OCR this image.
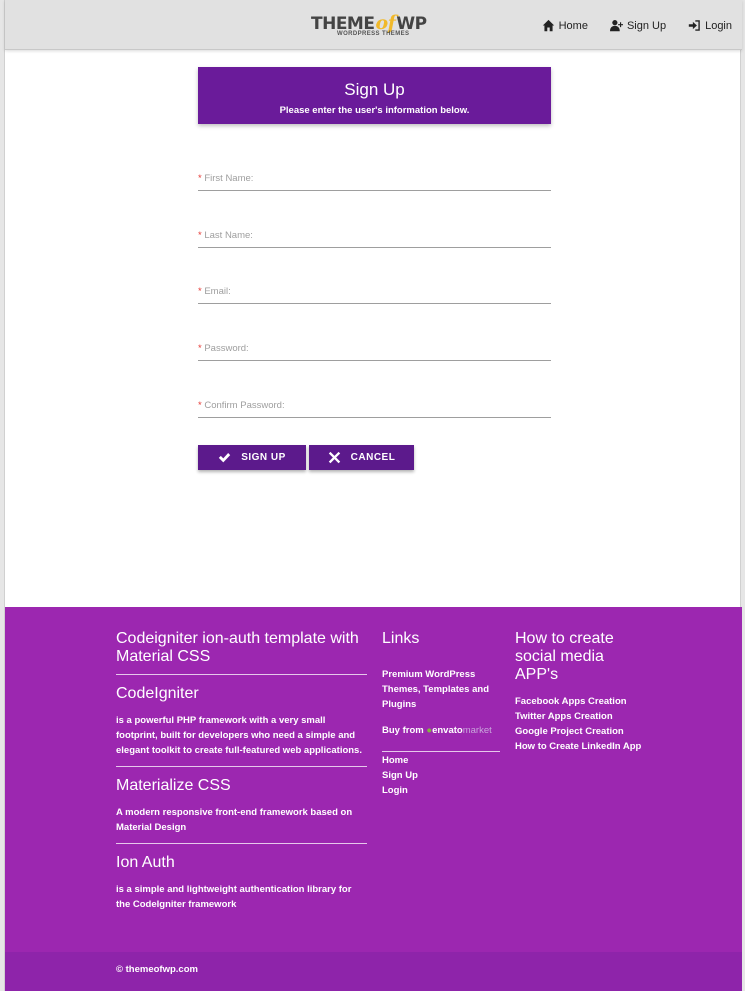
THEMEofWP
WORDPRESS THEMES
Home	Sign Up	Login
Sign Up
Please enter the user's information below.
* First Name:
* Last Name:
* Email:
* Password:
* Confirm Password:
SIGN UP	CANCEL
Codeigniter ion-auth template with Material CSS
CodeIgniter
is a powerful PHP framework with a very small footprint, built for developers who need a simple and elegant toolkit to create full-featured web applications.
Materialize CSS
A modern responsive front-end framework based on Material Design
Ion Auth
is a simple and lightweight authentication library for the CodeIgniter framework
Links
Premium WordPress Themes, Templates and Plugins
Buy from ●envatomarket
Home
Sign Up
Login
How to create social media APP's
Facebook Apps Creation
Twitter Apps Creation
Google Project Creation
How to Create LinkedIn App
© themeofwp.com
